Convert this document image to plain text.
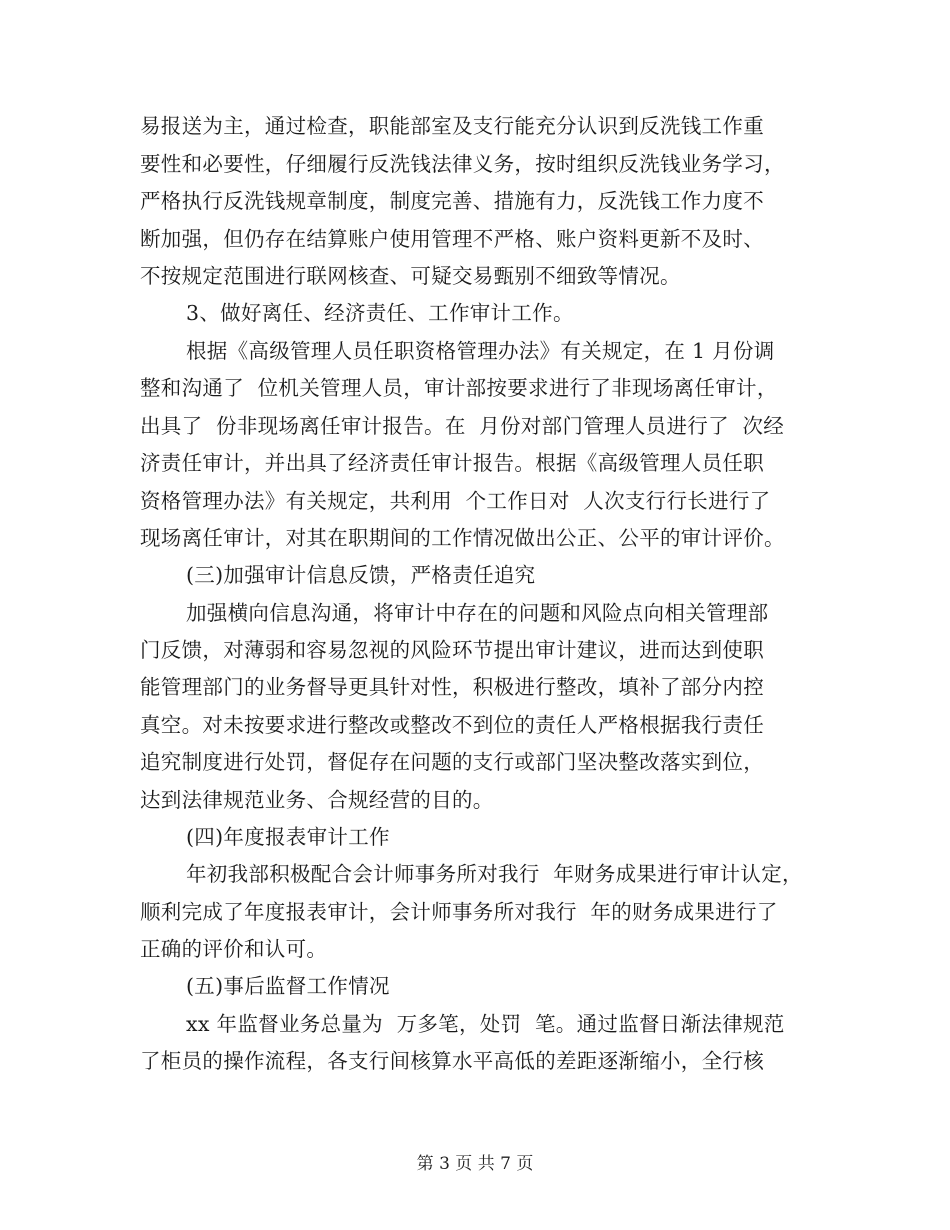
易报送为主，通过检查，职能部室及支行能充分认识到反洗钱工作重
要性和必要性，仔细履行反洗钱法律义务，按时组织反洗钱业务学习，
严格执行反洗钱规章制度，制度完善、措施有力，反洗钱工作力度不
断加强，但仍存在结算账户使用管理不严格、账户资料更新不及时、
不按规定范围进行联网核查、可疑交易甄别不细致等情况。
3、做好离任、经济责任、工作审计工作。
根据《高级管理人员任职资格管理办法》有关规定，在 1 月份调
整和沟通了  位机关管理人员，审计部按要求进行了非现场离任审计，
出具了  份非现场离任审计报告。在  月份对部门管理人员进行了  次经
济责任审计，并出具了经济责任审计报告。根据《高级管理人员任职
资格管理办法》有关规定，共利用  个工作日对  人次支行行长进行了
现场离任审计，对其在职期间的工作情况做出公正、公平的审计评价。
(三)加强审计信息反馈，严格责任追究
加强横向信息沟通，将审计中存在的问题和风险点向相关管理部
门反馈，对薄弱和容易忽视的风险环节提出审计建议，进而达到使职
能管理部门的业务督导更具针对性，积极进行整改，填补了部分内控
真空。对未按要求进行整改或整改不到位的责任人严格根据我行责任
追究制度进行处罚，督促存在问题的支行或部门坚决整改落实到位，
达到法律规范业务、合规经营的目的。
(四)年度报表审计工作
年初我部积极配合会计师事务所对我行  年财务成果进行审计认定，
顺利完成了年度报表审计，会计师事务所对我行  年的财务成果进行了
正确的评价和认可。
(五)事后监督工作情况
xx 年监督业务总量为  万多笔，处罚  笔。通过监督日渐法律规范
了柜员的操作流程，各支行间核算水平高低的差距逐渐缩小，全行核
第 3 页 共 7 页
